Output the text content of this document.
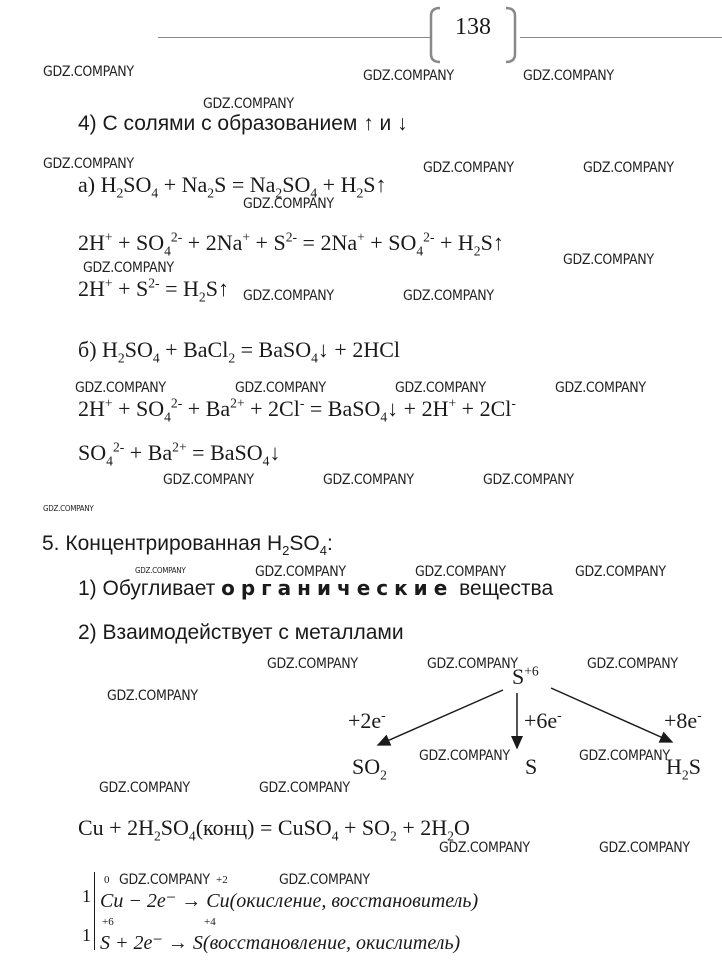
138
GDZ.COMPANY	GDZ.COMPANY	GDZ.COMPANY
GDZ.COMPANY
GDZ.COMPANY	GDZ.COMPANY	GDZ.COMPANY
GDZ.COMPANY
GDZ.COMPANY
GDZ.COMPANY
GDZ.COMPANY	GDZ.COMPANY
GDZ.COMPANY	GDZ.COMPANY	GDZ.COMPANY	GDZ.COMPANY
GDZ.COMPANY	GDZ.COMPANY	GDZ.COMPANY
GDZ.COMPANY
GDZ.COMPANY	GDZ.COMPANY	GDZ.COMPANY	GDZ.COMPANY
GDZ.COMPANY	GDZ.COMPANY	GDZ.COMPANY
GDZ.COMPANY
GDZ.COMPANY	GDZ.COMPANY
GDZ.COMPANY	GDZ.COMPANY
GDZ.COMPANY	GDZ.COMPANY
GDZ.COMPANY	GDZ.COMPANY
4) С солями с образованием ↑ и ↓
а) $H_2SO_4 + Na_2S = Na_2SO_4$ + $H_2S↑$
$2H^+ + SO_4^{2-} + 2Na^+ + S^{2-} = 2Na^+ + SO_4^{2-}$ + $H_2S↑$
$2H^+ + S^{2-}$ = $H_2S↑$
б) $H_2SO_4$ + BaCl$_2$ = BaSO$_4$↓ + 2HCl
$2H^+ + SO_4^{2-} + Ba^{2+} + 2Cl^-$ = BaSO$_4$↓ + 2H+ + 2Cl-
$SO_4^{2-} + Ba^{2+}$ = BaSO$_4$↓
5. Концентрированная $H_2SO_4$:
1) Обугливает органические вещества
2) Взаимодействует с металлами
$S^{+6}$
+2e-	+6e-	+8e-
$SO_2$	S	$H_2S$
$Cu + 2H_2SO_4(конц)$ = CuSO$_4$ + $SO_2 + 2H_2O$
1
1
0	+2
Cu − 2e⁻ → Cu(окисление, восстановитель)
+6	+4
S + 2e⁻ → S(восстановление, окислитель)
